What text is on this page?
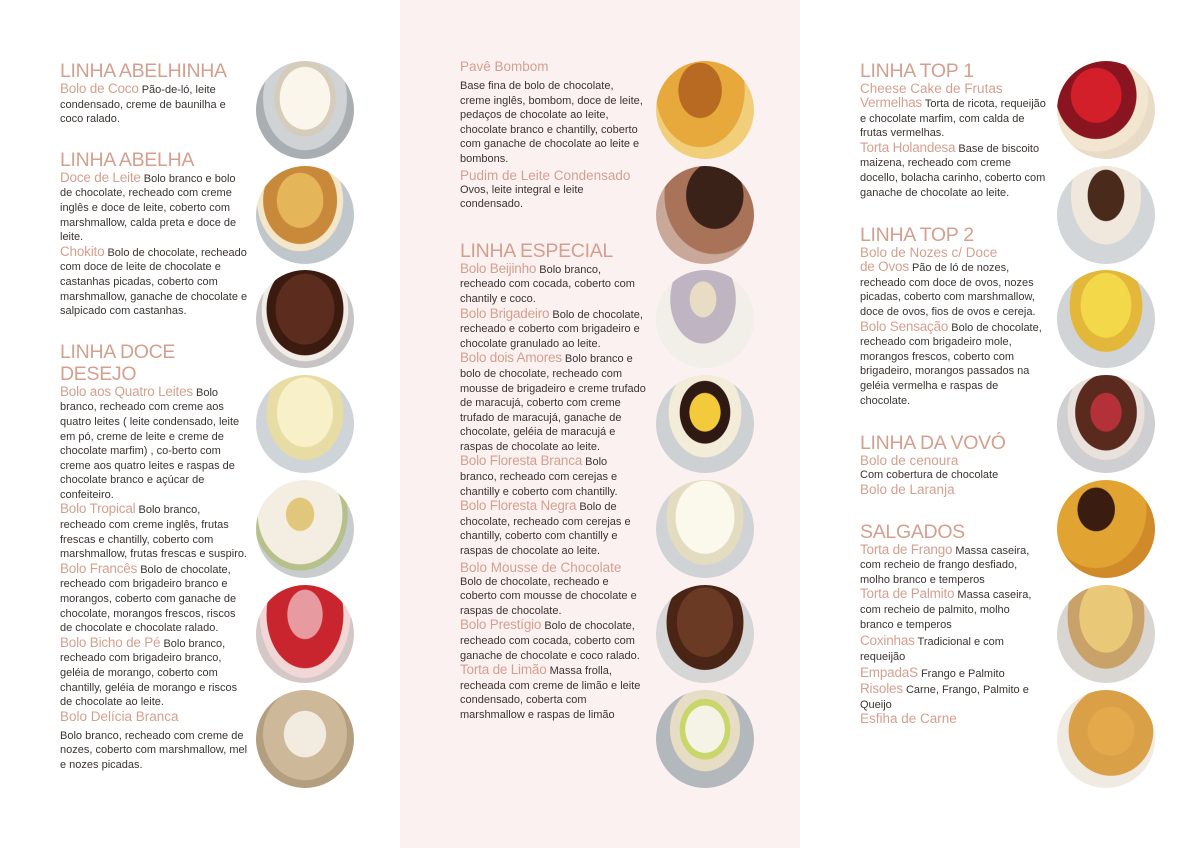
LINHA ABELHINHA

Bolo de Coco Pão-de-ló, leite condensado, creme de baunilha e coco ralado.

LINHA ABELHA

Doce de Leite Bolo branco e bolo de chocolate, recheado com creme inglês e doce de leite, coberto com marshmallow, calda preta e doce de leite.

Chokito Bolo de chocolate, recheado com doce de leite de chocolate e castanhas picadas, coberto com marshmallow, ganache de chocolate e salpicado com castanhas.

LINHA DOCE DESEJO

Bolo aos Quatro Leites Bolo branco, recheado com creme aos quatro leites ( leite condensado, leite em pó, creme de leite e creme de chocolate marfim) , co-berto com creme aos quatro leites e raspas de chocolate branco e açúcar de confeiteiro.

Bolo Tropical Bolo branco, recheado com creme inglês, frutas frescas e chantilly, coberto com marshmallow, frutas frescas e suspiro.

Bolo Francês Bolo de chocolate, recheado com brigadeiro branco e morangos, coberto com ganache de chocolate, morangos frescos, riscos de chocolate e chocolate ralado.

Bolo Bicho de Pé Bolo branco, recheado com brigadeiro branco, geléia de morango, coberto com chantilly, geléia de morango e riscos de chocolate ao leite.

Bolo Delícia Branca

Bolo branco, recheado com creme de nozes, coberto com marshmallow, mel e nozes picadas.

Pavê Bombom

Base fina de bolo de chocolate, creme inglês, bombom, doce de leite, pedaços de chocolate ao leite, chocolate branco e chantilly, coberto com ganache de chocolate ao leite e bombons.

Pudim de Leite Condensado

Ovos, leite integral e leite condensado.

LINHA ESPECIAL

Bolo Beijinho Bolo branco, recheado com cocada, coberto com chantily e coco.

Bolo Brigadeiro Bolo de chocolate, recheado e coberto com brigadeiro e chocolate granulado ao leite.

Bolo dois Amores Bolo branco e bolo de chocolate, recheado com mousse de brigadeiro e creme trufado de maracujá, coberto com creme trufado de maracujá, ganache de chocolate, geléia de maracujá e raspas de chocolate ao leite.

Bolo Floresta Branca Bolo branco, recheado com cerejas e chantilly e coberto com chantilly.

Bolo Floresta Negra Bolo de chocolate, recheado com cerejas e chantilly, coberto com chantilly e raspas de chocolate ao leite.

Bolo Mousse de Chocolate

Bolo de chocolate, recheado e coberto com mousse de chocolate e raspas de chocolate.

Bolo Prestígio Bolo de chocolate, recheado com cocada, coberto com ganache de chocolate e coco ralado.

Torta de Limão Massa frolla, recheada com creme de limão e leite condensado, coberta com marshmallow e raspas de limão

LINHA TOP 1

Cheese Cake de Frutas

Vermelhas Torta de ricota, requeijão e chocolate marfim, com calda de frutas vermelhas.

Torta Holandesa Base de biscoito maizena, recheado com creme docello, bolacha carinho, coberto com ganache de chocolate ao leite.

LINHA TOP 2

Bolo de Nozes c/ Doce

de Ovos Pão de ló de nozes, recheado com doce de ovos, nozes picadas, coberto com marshmallow, doce de ovos, fios de ovos e cereja.

Bolo Sensação Bolo de chocolate, recheado com brigadeiro mole, morangos frescos, coberto com brigadeiro, morangos passados na geléia vermelha e raspas de chocolate.

LINHA DA VOVÓ

Bolo de cenoura

Com cobertura de chocolate

Bolo de Laranja

SALGADOS

Torta de Frango Massa caseira, com recheio de frango desfiado, molho branco e temperos

Torta de Palmito Massa caseira, com recheio de palmito, molho branco e temperos

Coxinhas Tradicional e com requeijão

EmpadaS Frango e Palmito

Risoles Carne, Frango, Palmito e Queijo

Esfiha de Carne
